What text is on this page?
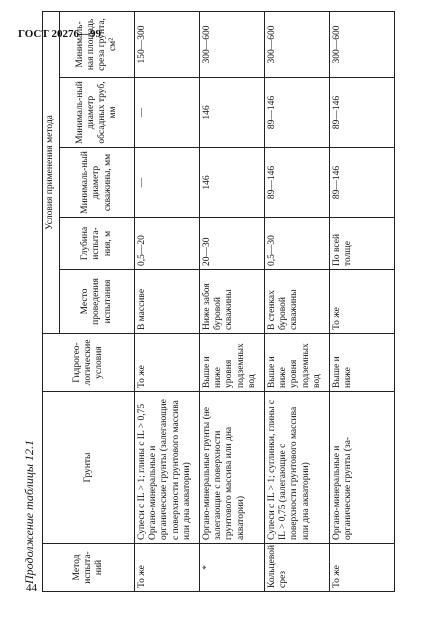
ГОСТ 20276—99
44
Продолжение таблицы 12.1	Метод испыта-ний	Грунты	Гидрогео-логические условия	Условия применения метода				
			Место проведения испытания	Глубина испыта-ния, м	Минималь-ный диаметр скважины, мм	Минималь-ный диаметр обсадных труб, мм	Минималь-ная площадь среза грунта, см²
То же	Супеси с IL > 1; глины с IL > 0,75 Органо-минеральные и органические грунты (залегающие с поверхности грунтового массива или дна акватории)	То же	В массиве	0,5—20	—	—	150—300
*	Органо-минеральные грунты (не залегающие с поверхности грунтового массива или дна акватории)	Выше и ниже уровня подземных вод	Ниже забоя буровой скважины	20—30	146	146	300—600
Кольцевой срез	Супеси с IL > 1; суглинки, глины с IL > 0,75 (залегающие с поверхности грунтового массива или дна акватории)	Выше и ниже уровня подземных вод	В стенках буровой скважины	0,5—30	89—146	89—146	300—600
То же	Органо-минеральные и органические грунты (за-	Выше и ниже	То же	По всей толще	89—146	89—146	300—600
